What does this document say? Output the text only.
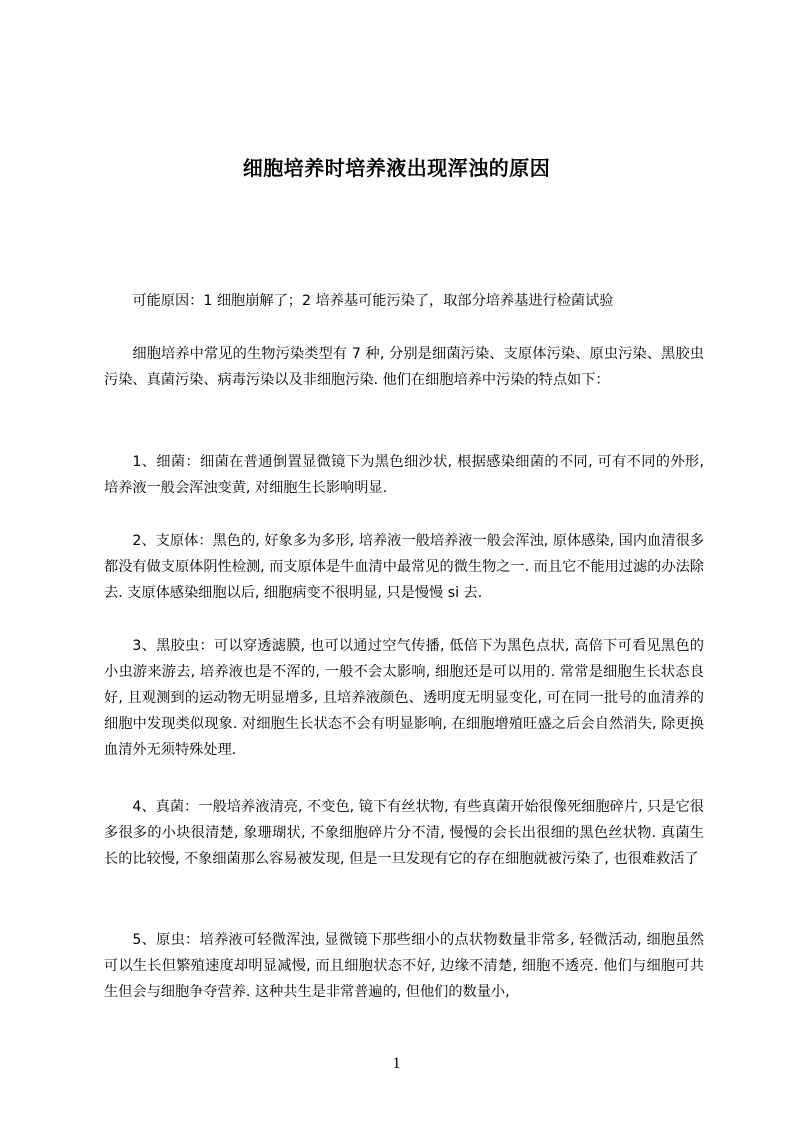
细胞培养时培养液出现浑浊的原因

可能原因：1 细胞崩解了；2 培养基可能污染了，取部分培养基进行检菌试验

细胞培养中常见的生物污染类型有 7 种, 分别是细菌污染、支原体污染、原虫污染、黑胶虫污染、真菌污染、病毒污染以及非细胞污染. 他们在细胞培养中污染的特点如下：

1、细菌：细菌在普通倒置显微镜下为黑色细沙状, 根据感染细菌的不同, 可有不同的外形, 培养液一般会浑浊变黄, 对细胞生长影响明显.

2、支原体：黑色的, 好象多为多形, 培养液一般培养液一般会浑浊, 原体感染, 国内血清很多都没有做支原体阴性检测, 而支原体是牛血清中最常见的微生物之一. 而且它不能用过滤的办法除去. 支原体感染细胞以后, 细胞病变不很明显, 只是慢慢 si 去.

3、黑胶虫：可以穿透滤膜, 也可以通过空气传播, 低倍下为黑色点状, 高倍下可看见黑色的小虫游来游去, 培养液也是不浑的, 一般不会太影响, 细胞还是可以用的. 常常是细胞生长状态良好, 且观测到的运动物无明显增多, 且培养液颜色、透明度无明显变化, 可在同一批号的血清养的细胞中发现类似现象. 对细胞生长状态不会有明显影响, 在细胞增殖旺盛之后会自然消失, 除更换血清外无须特殊处理.

4、真菌：一般培养液清亮, 不变色, 镜下有丝状物, 有些真菌开始很像死细胞碎片, 只是它很多很多的小块很清楚, 象珊瑚状, 不象细胞碎片分不清, 慢慢的会长出很细的黑色丝状物. 真菌生长的比较慢, 不象细菌那么容易被发现, 但是一旦发现有它的存在细胞就被污染了, 也很难救活了

5、原虫：培养液可轻微浑浊, 显微镜下那些细小的点状物数量非常多, 轻微活动, 细胞虽然可以生长但繁殖速度却明显减慢, 而且细胞状态不好, 边缘不清楚, 细胞不透亮. 他们与细胞可共生但会与细胞争夺营养. 这种共生是非常普遍的, 但他们的数量小,

1
